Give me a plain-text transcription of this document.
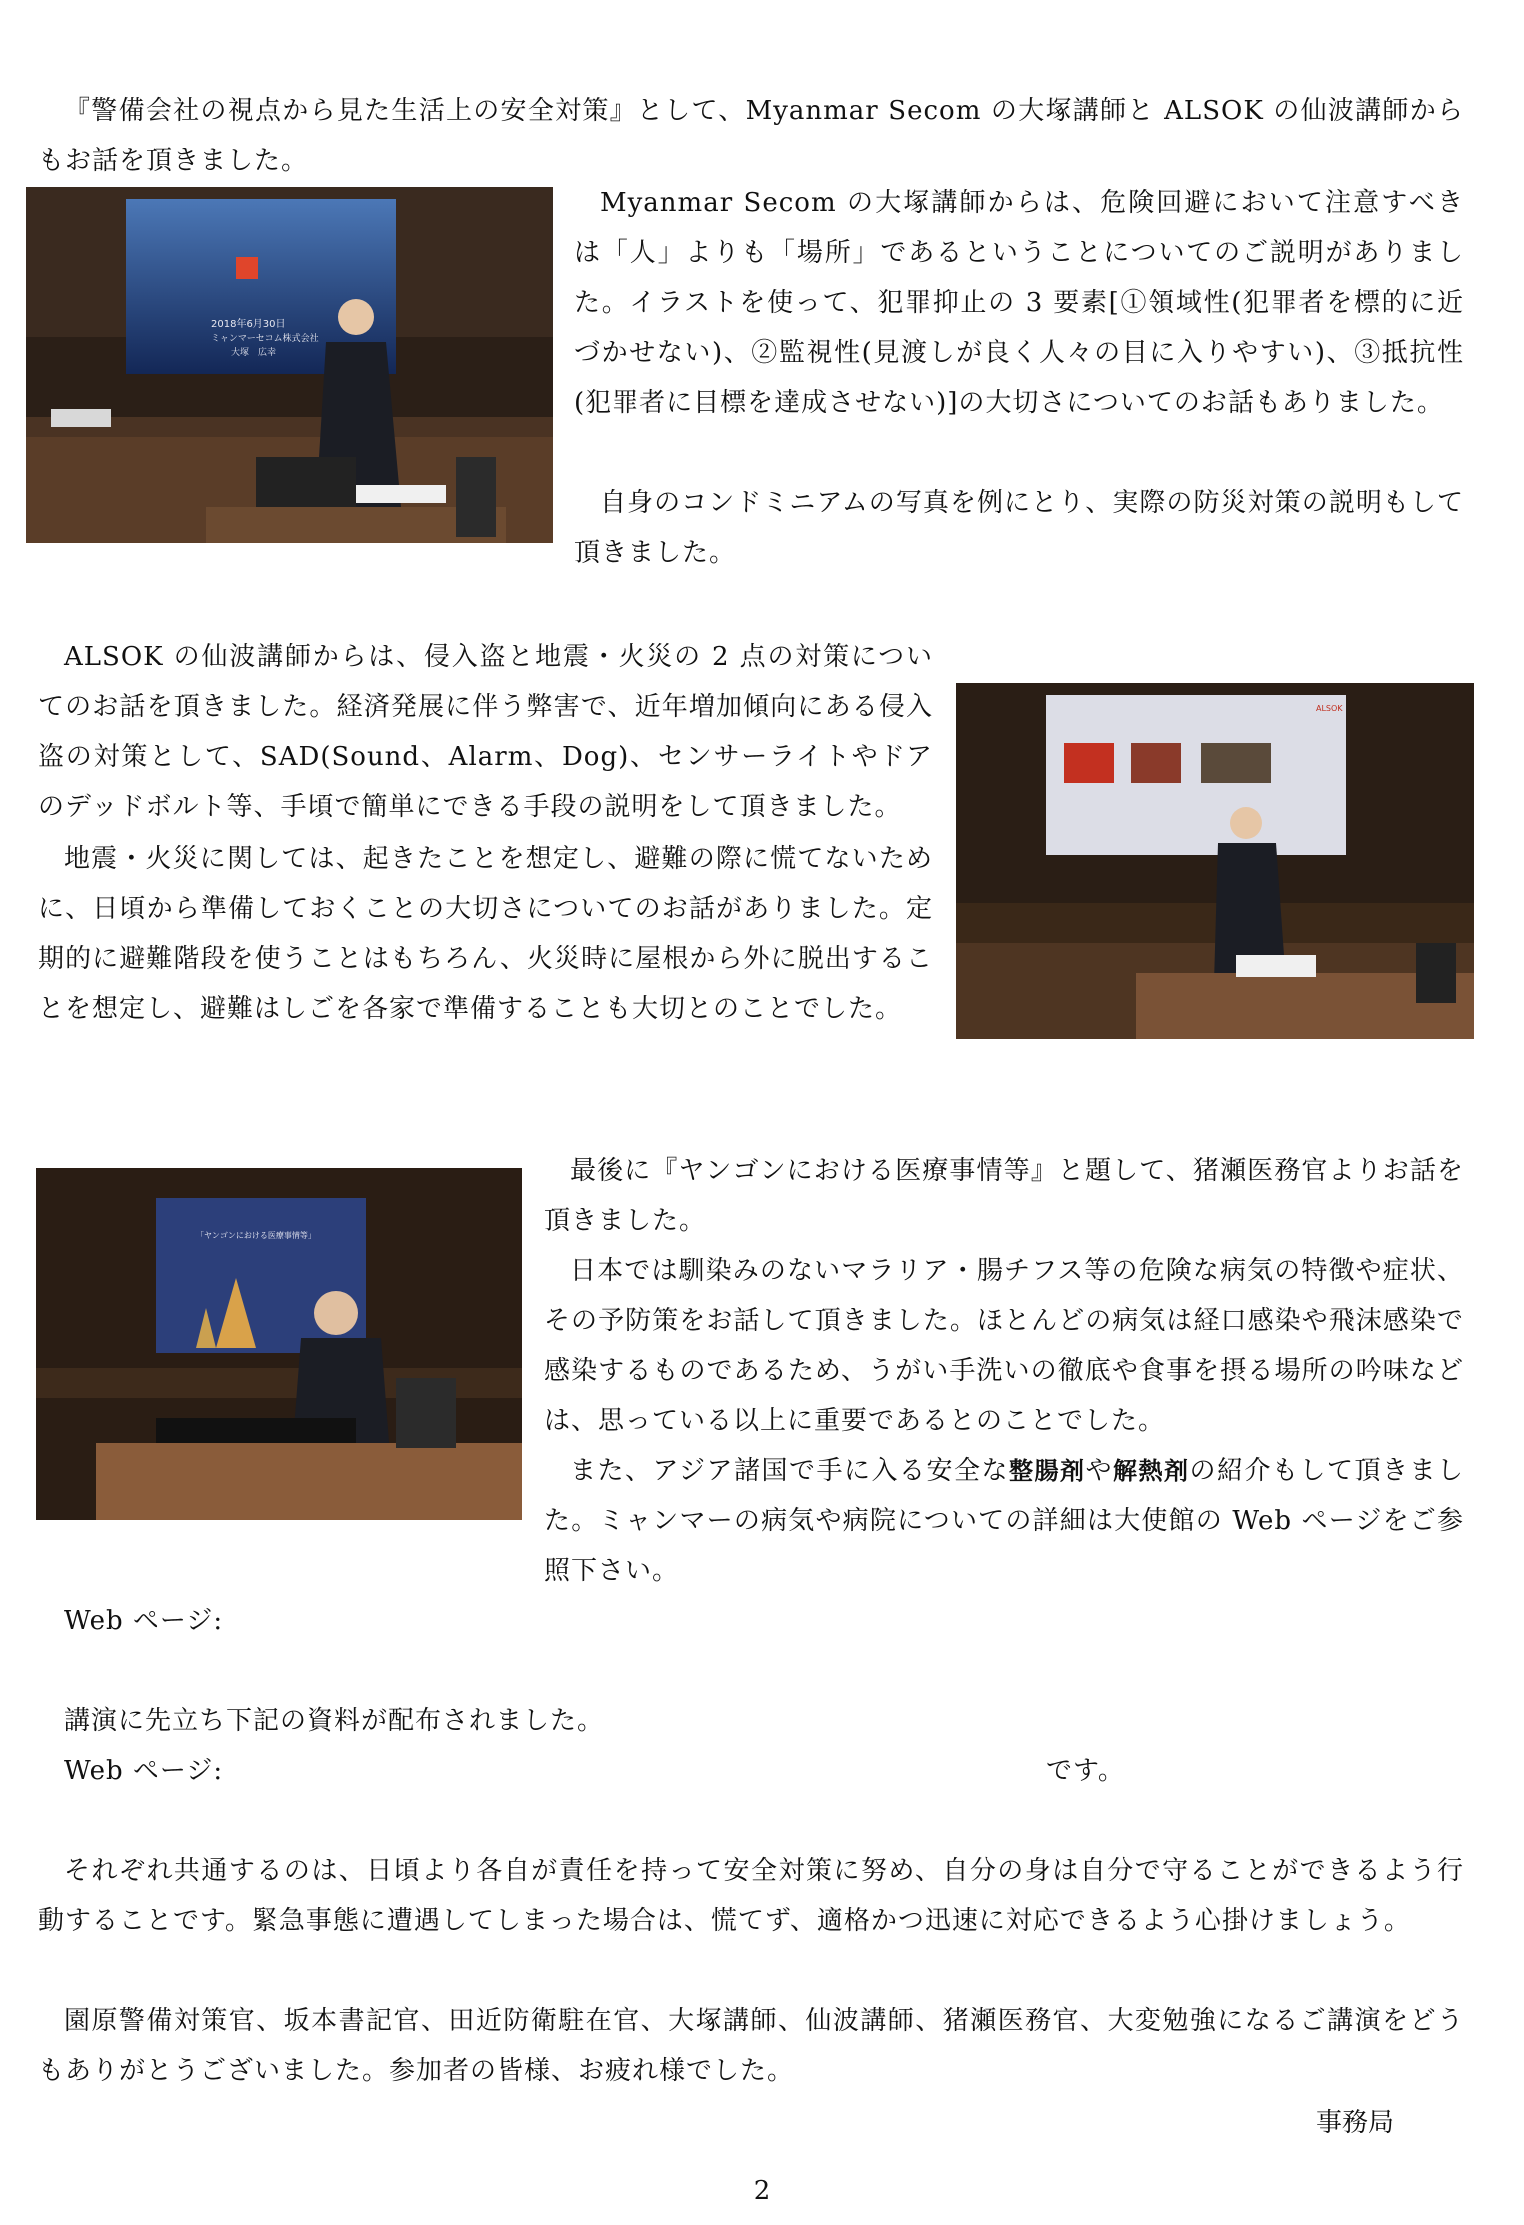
『警備会社の視点から見た生活上の安全対策』として、Myanmar Secom の大塚講師と ALSOK の仙波講師からもお話を頂きました。

2018年6月30日
ミャンマーセコム株式会社
大塚　広幸

Myanmar Secom の大塚講師からは、危険回避において注意すべきは「人」よりも「場所」であるということについてのご説明がありました。イラストを使って、犯罪抑止の 3 要素[①領域性(犯罪者を標的に近づかせない)、②監視性(見渡しが良く人々の目に入りやすい)、③抵抗性(犯罪者に目標を達成させない)]の大切さについてのお話もありました。

自身のコンドミニアムの写真を例にとり、実際の防災対策の説明もして頂きました。

ALSOK の仙波講師からは、侵入盗と地震・火災の 2 点の対策についてのお話を頂きました。経済発展に伴う弊害で、近年増加傾向にある侵入盗の対策として、SAD(Sound、Alarm、Dog)、センサーライトやドアのデッドボルト等、手頃で簡単にできる手段の説明をして頂きました。

ALSOK

地震・火災に関しては、起きたことを想定し、避難の際に慌てないために、日頃から準備しておくことの大切さについてのお話がありました。定期的に避難階段を使うことはもちろん、火災時に屋根から外に脱出することを想定し、避難はしごを各家で準備することも大切とのことでした。

「ヤンゴンにおける医療事情等」

最後に『ヤンゴンにおける医療事情等』と題して、猪瀬医務官よりお話を頂きました。

日本では馴染みのないマラリア・腸チフス等の危険な病気の特徴や症状、その予防策をお話して頂きました。ほとんどの病気は経口感染や飛沫感染で感染するものであるため、うがい手洗いの徹底や食事を摂る場所の吟味などは、思っている以上に重要であるとのことでした。

また、アジア諸国で手に入る安全な整腸剤や解熱剤の紹介もして頂きました。ミャンマーの病気や病院についての詳細は大使館の Web ページをご参照下さい。

Web ページ:

講演に先立ち下記の資料が配布されました。

Web ページ:	です。

それぞれ共通するのは、日頃より各自が責任を持って安全対策に努め、自分の身は自分で守ることができるよう行動することです。緊急事態に遭遇してしまった場合は、慌てず、適格かつ迅速に対応できるよう心掛けましょう。

園原警備対策官、坂本書記官、田近防衛駐在官、大塚講師、仙波講師、猪瀬医務官、大変勉強になるご講演をどうもありがとうございました。参加者の皆様、お疲れ様でした。

事務局
2
